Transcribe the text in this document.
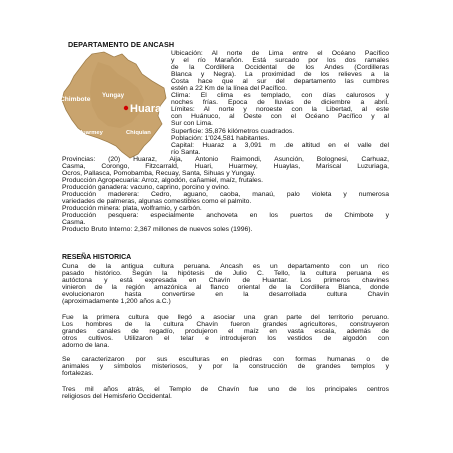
DEPARTAMENTO DE ANCASH
Chimbote
Yungay
Huaraz
Huarmey	Chiquian
Ubicación: Al norte de Lima entre el Océano Pacífico
y el río Marañón. Está surcado por los dos ramales
de la Cordillera Occidental de los Andes (Cordilleras
Blanca y Negra). La proximidad de los relieves a la
Costa hace que al sur del departamento las cumbres
estén a 22 Km de la línea del Pacífico.
Clima: El clima es templado, con días calurosos y
noches frías. Epoca de lluvias de diciembre a abril.
Límites: Al norte y noroeste con la Libertad, al este
con Huánuco, al Oeste con el Océano Pacífico y al
Sur con Lima.
Superficie: 35,876 kilómetros cuadrados.
Población: 1'024,581 habitantes.
Capital: Huaraz a 3,091 m .de altitud en el valle del
río Santa.
Provincias: (20) Huaraz, Aija, Antonio Raimondi, Asunción, Bolognesi, Carhuaz,
Casma, Corongo, Fitzcarrald, Huari, Huarmey, Huaylas, Mariscal Luzuriaga,
Ocros, Pallasca, Pomobamba, Recuay, Santa, Sihuas y Yungay.
Producción Agropecuaria: Arroz, algodón, cañamiel, maíz, frutales.
Producción ganadera: vacuno, caprino, porcino y ovino.
Producción maderera: Cedro, aguano, caoba, manaú, palo violeta y numerosa
variedades de palmeras, algunas comestibles como el palmito.
Producción minera: plata, wolframio, y carbón.
Producción pesquera: especialmente anchoveta en los puertos de Chimbote y
Casma.
Producto Bruto Interno: 2,367 millones de nuevos soles (1996).
RESEÑA HISTORICA
Cuna de la antigua cultura peruana. Ancash es un departamento con un rico
pasado histórico. Según la hipótesis de Julio C. Tello, la cultura peruana es
autóctona y está expresada en Chavín de Huantar. Los primeros chavines
vinieron de la región amazónica al flanco oriental de la Cordillera Blanca, donde
evolucionaron hasta convertirse en la desarrollada cultura Chavín
(aproximadamente 1,200 años a.C.)
Fue la primera cultura que llegó a asociar una gran parte del territorio peruano.
Los hombres de la cultura Chavín fueron grandes agricultores, construyeron
grandes canales de regadío, produjeron el maíz en vasta escala, además de
otros cultivos. Utilizaron el telar e introdujeron los vestidos de algodón con
adorno de lana.
Se caracterizaron por sus esculturas en piedras con formas humanas o de
animales y símbolos misteriosos, y por la construcción de grandes templos y
fortalezas.
Tres mil años atrás, el Templo de Chavín fue uno de los principales centros
religiosos del Hemisferio Occidental.
